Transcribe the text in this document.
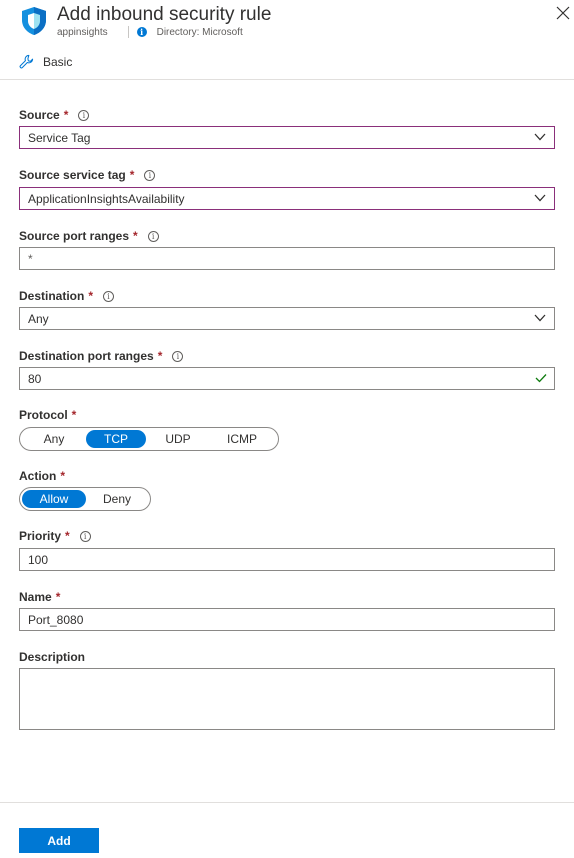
Add inbound security rule
appinsights	i	Directory: Microsoft
Basic
Source *	i
Service Tag
Source service tag *	i
ApplicationInsightsAvailability
Source port ranges *	i
*
Destination *	i
Any
Destination port ranges *	i
80
Protocol *
Any	TCP	UDP	ICMP
Action *
Allow	Deny
Priority *	i
100
Name *
Port_8080
Description
Add
